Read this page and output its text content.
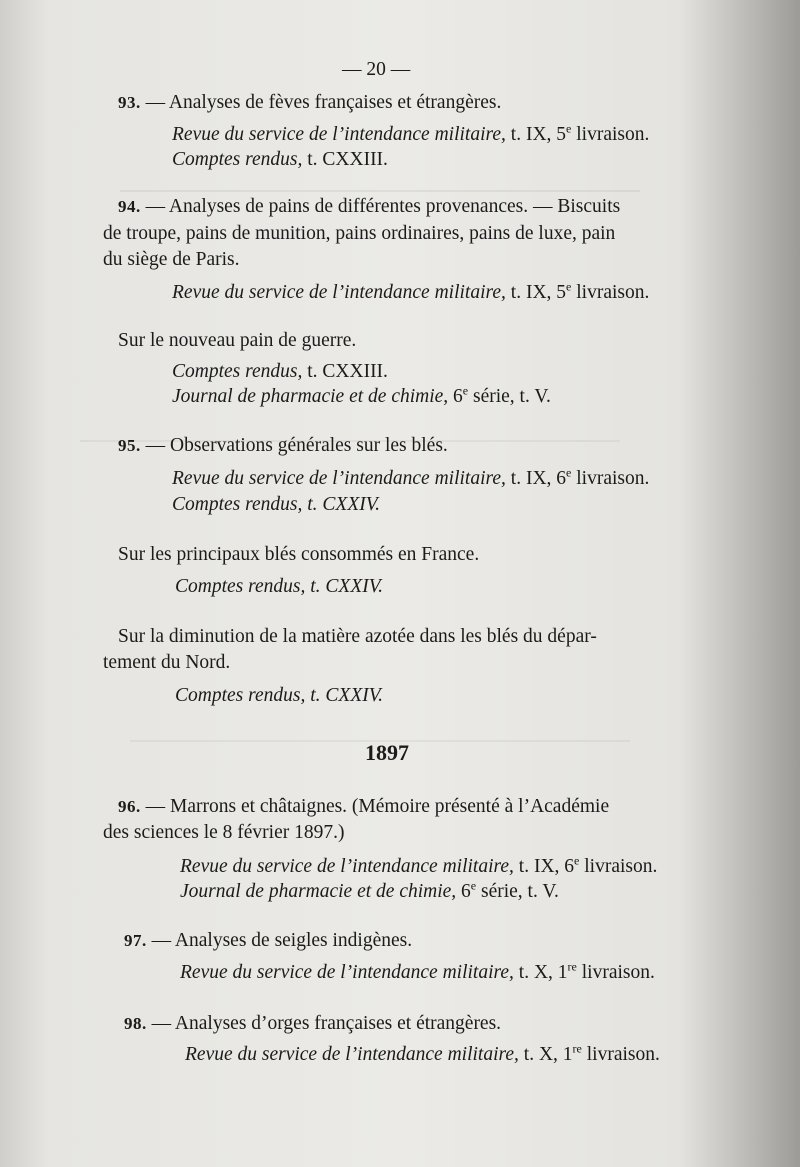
— 20 —
93. — Analyses de fèves françaises et étrangères.
Revue du service de l’intendance militaire, t. IX, 5e livraison.
Comptes rendus, t. CXXIII.
94. — Analyses de pains de différentes provenances. — Biscuits
de troupe, pains de munition, pains ordinaires, pains de luxe, pain
du siège de Paris.
Revue du service de l’intendance militaire, t. IX, 5e livraison.
Sur le nouveau pain de guerre.
Comptes rendus, t. CXXIII.
Journal de pharmacie et de chimie, 6e série, t. V.
95. — Observations générales sur les blés.
Revue du service de l’intendance militaire, t. IX, 6e livraison.
Comptes rendus, t. CXXIV.
Sur les principaux blés consommés en France.
Comptes rendus, t. CXXIV.
Sur la diminution de la matière azotée dans les blés du dépar-
tement du Nord.
Comptes rendus, t. CXXIV.
1897
96. — Marrons et châtaignes. (Mémoire présenté à l’Académie
des sciences le 8 février 1897.)
Revue du service de l’intendance militaire, t. IX, 6e livraison.
Journal de pharmacie et de chimie, 6e série, t. V.
97. — Analyses de seigles indigènes.
Revue du service de l’intendance militaire, t. X, 1re livraison.
98. — Analyses d’orges françaises et étrangères.
Revue du service de l’intendance militaire, t. X, 1re livraison.
